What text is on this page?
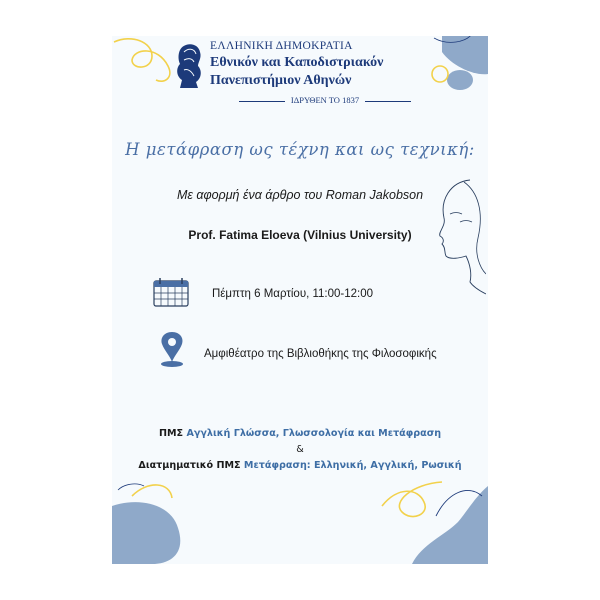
ΕΛΛΗΝΙΚΗ ΔΗΜΟΚΡΑΤΙΑ
Εθνικόν και Καποδιστριακόν
Πανεπιστήμιον Αθηνών
ΙΔΡΥΘΕΝ ΤΟ 1837
Η μετάφραση ως τέχνη και ως τεχνική:
Με αφορμή ένα άρθρο του Roman Jakobson
Prof. Fatima Eloeva (Vilnius University)
Πέμπτη 6 Μαρτίου, 11:00-12:00
Αμφιθέατρο της Βιβλιοθήκης της Φιλοσοφικής
ΠΜΣ Αγγλική Γλώσσα, Γλωσσολογία και Μετάφραση
&
Διατμηματικό ΠΜΣ Μετάφραση: Ελληνική, Αγγλική, Ρωσική
